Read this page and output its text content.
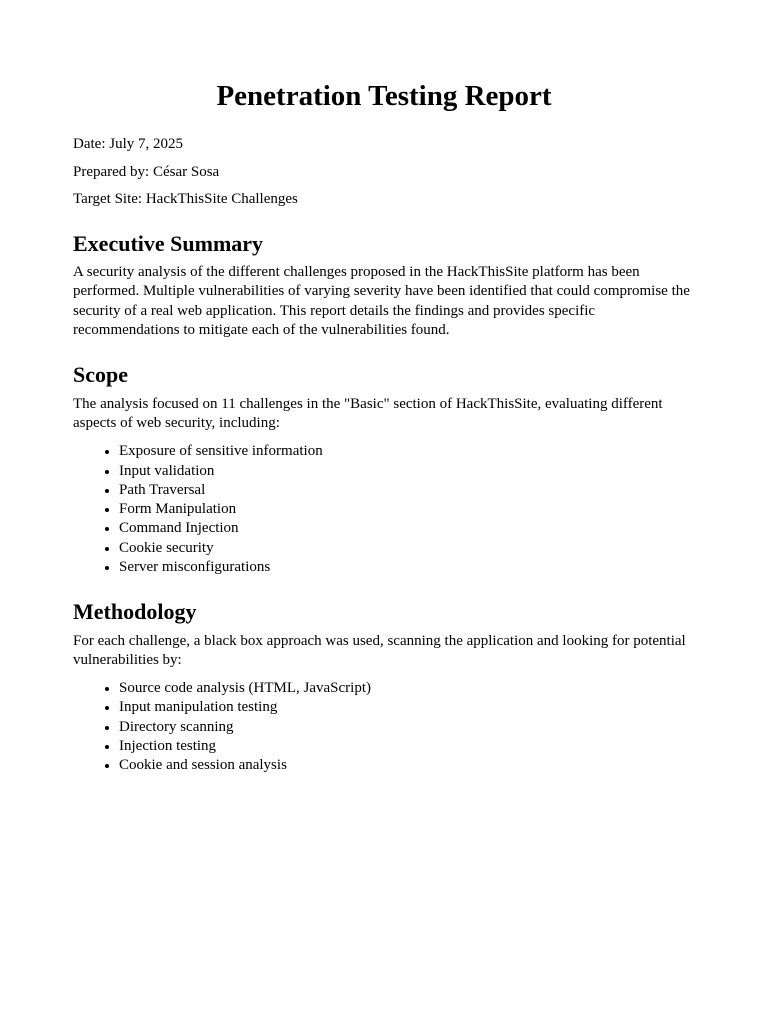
Penetration Testing Report

Date: July 7, 2025

Prepared by: César Sosa

Target Site: HackThisSite Challenges

Executive Summary

A security analysis of the different challenges proposed in the HackThisSite platform has been performed. Multiple vulnerabilities of varying severity have been identified that could compromise the security of a real web application. This report details the findings and provides specific recommendations to mitigate each of the vulnerabilities found.

Scope

The analysis focused on 11 challenges in the "Basic" section of HackThisSite, evaluating different aspects of web security, including:

• Exposure of sensitive information
• Input validation
• Path Traversal
• Form Manipulation
• Command Injection
• Cookie security
• Server misconfigurations
Methodology

For each challenge, a black box approach was used, scanning the application and looking for potential vulnerabilities by:

• Source code analysis (HTML, JavaScript)
• Input manipulation testing
• Directory scanning
• Injection testing
• Cookie and session analysis
